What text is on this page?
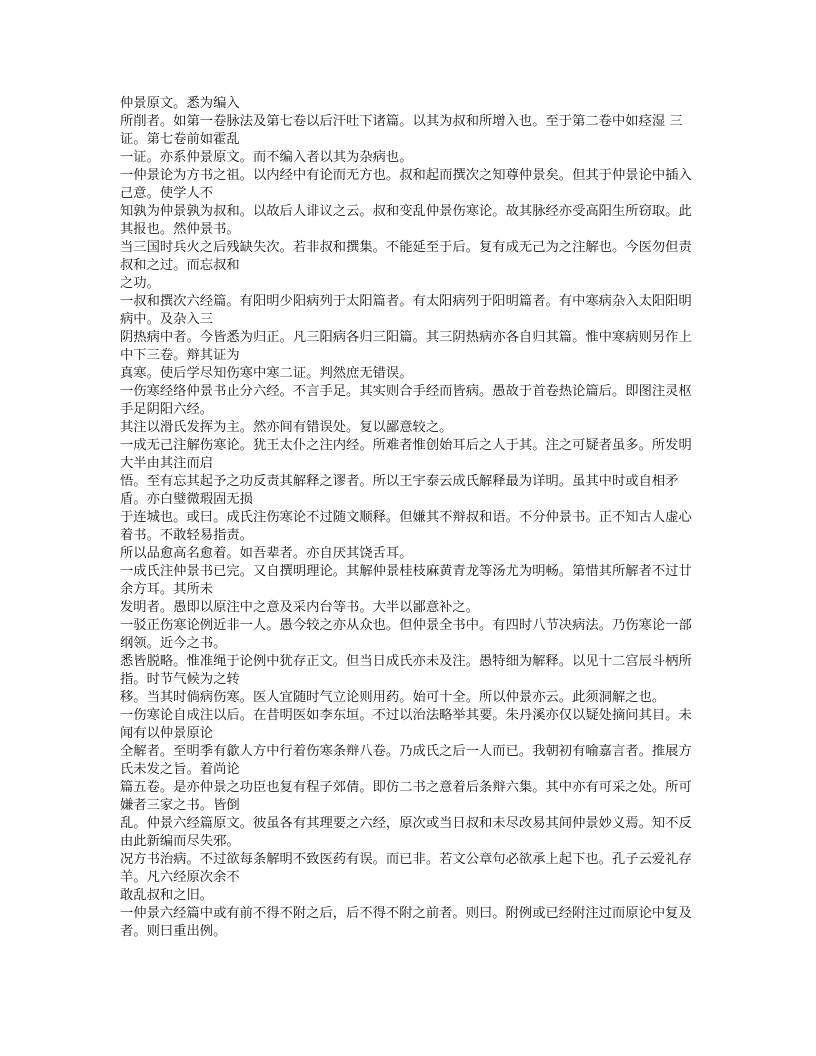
仲景原文。悉为编入
所削者。如第一卷脉法及第七卷以后汗吐下诸篇。以其为叔和所增入也。至于第二卷中如痉湿 三证。第七卷前如霍乱
一证。亦系仲景原文。而不编入者以其为杂病也。
一仲景论为方书之祖。以内经中有论而无方也。叔和起而撰次之知尊仲景矣。但其于仲景论中插入己意。使学人不
知孰为仲景孰为叔和。以故后人诽议之云。叔和变乱仲景伤寒论。故其脉经亦受高阳生所窃取。此其报也。然仲景书。
当三国时兵火之后残缺失次。若非叔和撰集。不能延至于后。复有成无己为之注解也。今医勿但责叔和之过。而忘叔和
之功。
一叔和撰次六经篇。有阳明少阳病列于太阳篇者。有太阳病列于阳明篇者。有中寒病杂入太阳阳明病中。及杂入三
阴热病中者。今皆悉为归正。凡三阳病各归三阳篇。其三阴热病亦各自归其篇。惟中寒病则另作上中下三卷。辩其证为
真寒。使后学尽知伤寒中寒二证。判然庶无错误。
一伤寒经络仲景书止分六经。不言手足。其实则合手经而皆病。愚故于首卷热论篇后。即图注灵枢手足阴阳六经。
其注以滑氏发挥为主。然亦间有错误处。复以鄙意较之。
一成无己注解伤寒论。犹王太仆之注内经。所难者惟创始耳后之人于其。注之可疑者虽多。所发明大半由其注而启
悟。至有忘其起予之功反责其解释之谬者。所以王宇泰云成氏解释最为详明。虽其中时或自相矛盾。亦白璧微瑕固无损
于连城也。或曰。成氏注伤寒论不过随文顺释。但嫌其不辩叔和语。不分仲景书。正不知古人虚心着书。不敢轻易指责。
所以品愈高名愈着。如吾辈者。亦自厌其饶舌耳。
一成氏注仲景书已完。又自撰明理论。其解仲景桂枝麻黄青龙等汤尤为明畅。第惜其所解者不过廿余方耳。其所未
发明者。愚即以原注中之意及采内台等书。大半以鄙意补之。
一驳正伤寒论例近非一人。愚今较之亦从众也。但仲景全书中。有四时八节决病法。乃伤寒论一部纲领。近今之书。
悉皆脱略。惟准绳于论例中犹存正文。但当日成氏亦未及注。愚特细为解释。以见十二宫辰斗柄所指。时节气候为之转
移。当其时倘病伤寒。医人宜随时气立论则用药。始可十全。所以仲景亦云。此须洞解之也。
一伤寒论自成注以后。在昔明医如李东垣。不过以治法略举其要。朱丹溪亦仅以疑处摘问其目。未闻有以仲景原论
全解者。至明季有歙人方中行着伤寒条辩八卷。乃成氏之后一人而已。我朝初有喻嘉言者。推展方氏未发之旨。着尚论
篇五卷。是亦仲景之功臣也复有程子郊倩。即仿二书之意着后条辩六集。其中亦有可采之处。所可嫌者三家之书。皆倒
乱。仲景六经篇原文。彼虽各有其理要之六经，原次或当日叔和未尽改易其间仲景妙义焉。知不反由此新编而尽失邪。
况方书治病。不过欲每条解明不致医药有误。而已非。若文公章句必欲承上起下也。孔子云爱礼存羊。凡六经原次余不
敢乱叔和之旧。
一仲景六经篇中或有前不得不附之后，后不得不附之前者。则曰。附例或已经附注过而原论中复及者。则曰重出例。
